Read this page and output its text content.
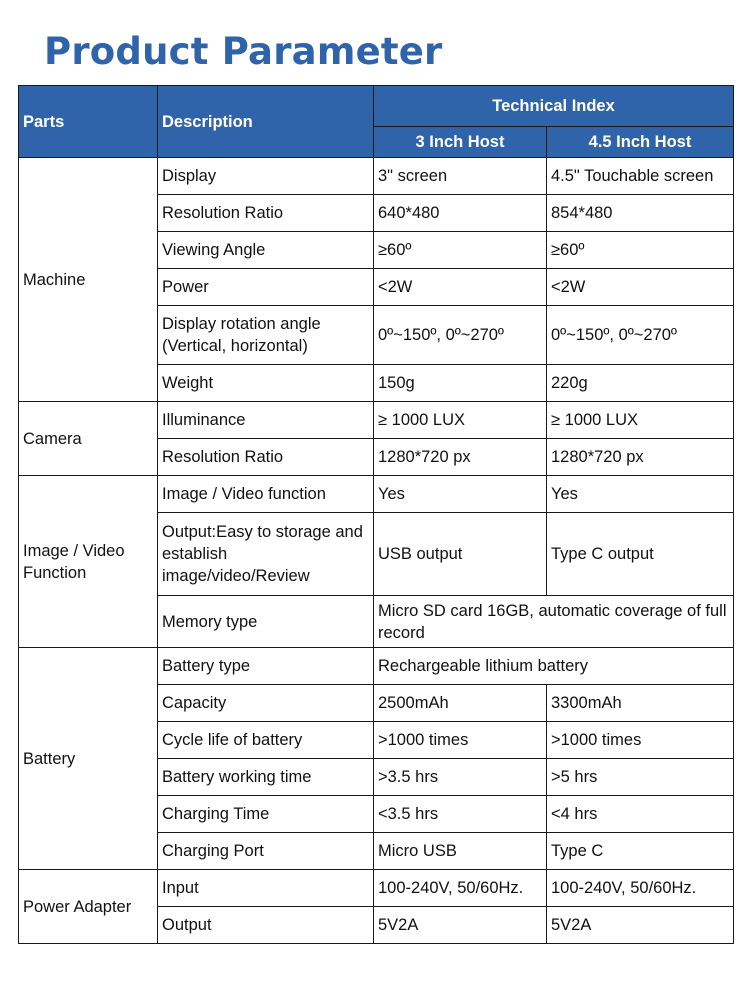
Product Parameter
Parts	Description	Technical Index	
		3 Inch Host	4.5 Inch Host
Machine	Display	3" screen	4.5" Touchable screen
	Resolution Ratio	640*480	854*480
	Viewing Angle	≥60º	≥60º
	Power	<2W	<2W
	Display rotation angle (Vertical, horizontal)	0º~150º, 0º~270º	0º~150º, 0º~270º
	Weight	150g	220g
Camera	Illuminance	≥ 1000 LUX	≥ 1000 LUX
	Resolution Ratio	1280*720 px	1280*720 px
Image / Video Function	Image / Video function	Yes	Yes
	Output:Easy to storage and establish image/video/Review	USB output	Type C output
	Memory type	Micro SD card 16GB, automatic coverage of full record	
Battery	Battery type	Rechargeable lithium battery	
	Capacity	2500mAh	3300mAh
	Cycle life of battery	>1000 times	>1000 times
	Battery working time	>3.5 hrs	>5 hrs
	Charging Time	<3.5 hrs	<4 hrs
	Charging Port	Micro USB	Type C
Power Adapter	Input	100-240V, 50/60Hz.	100-240V, 50/60Hz.
	Output	5V2A	5V2A
